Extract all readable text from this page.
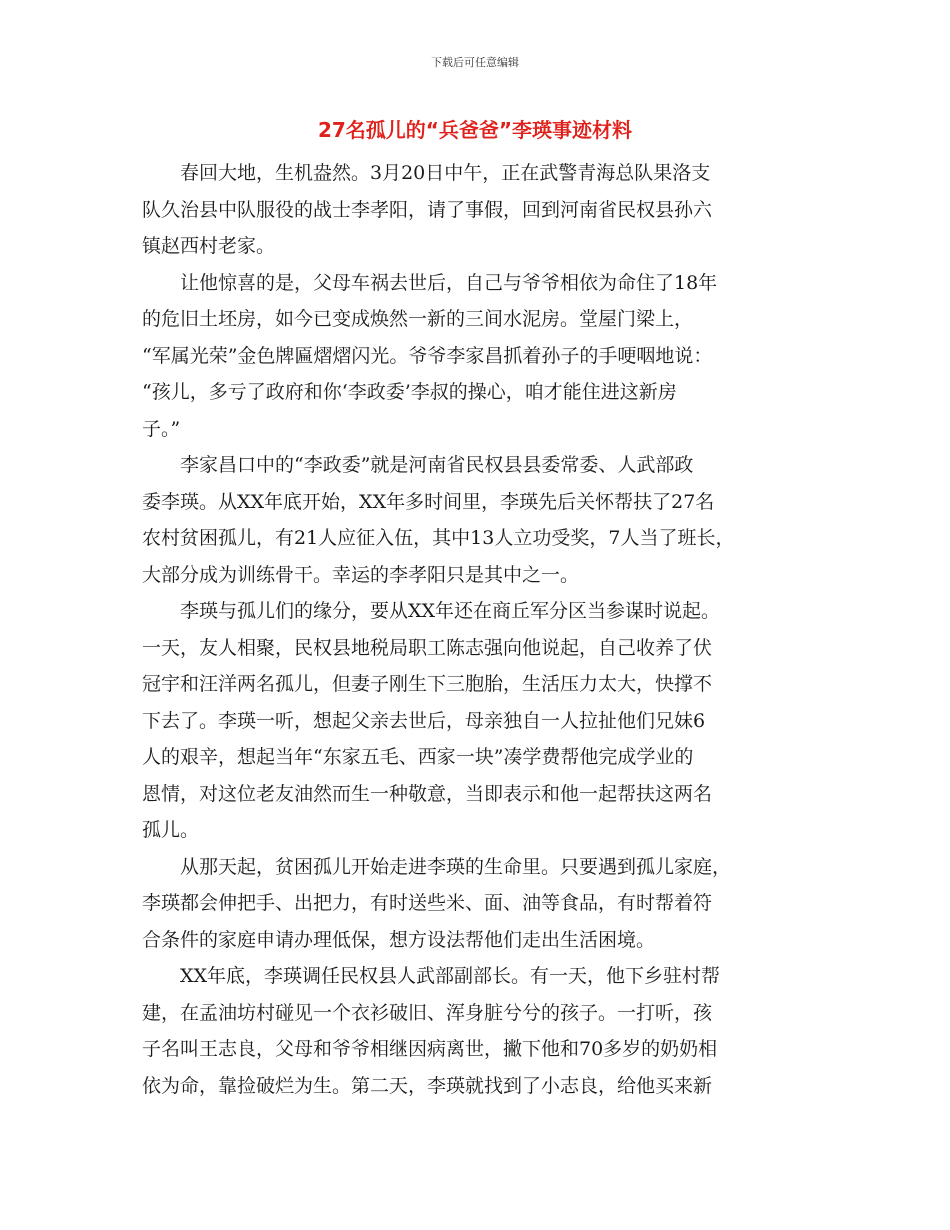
下载后可任意编辑
27名孤儿的“兵爸爸”李瑛事迹材料

　　春回大地，生机盎然。3月20日中午，正在武警青海总队果洛支
队久治县中队服役的战士李孝阳，请了事假，回到河南省民权县孙六
镇赵西村老家。

　　让他惊喜的是，父母车祸去世后，自己与爷爷相依为命住了18年
的危旧土坯房，如今已变成焕然一新的三间水泥房。堂屋门梁上，
“军属光荣”金色牌匾熠熠闪光。爷爷李家昌抓着孙子的手哽咽地说：
“孩儿，多亏了政府和你‘李政委’李叔的操心，咱才能住进这新房
子。”

　　李家昌口中的“李政委”就是河南省民权县县委常委、人武部政
委李瑛。从XX年底开始，XX年多时间里，李瑛先后关怀帮扶了27名
农村贫困孤儿，有21人应征入伍，其中13人立功受奖，7人当了班长，
大部分成为训练骨干。幸运的李孝阳只是其中之一。

　　李瑛与孤儿们的缘分，要从XX年还在商丘军分区当参谋时说起。
一天，友人相聚，民权县地税局职工陈志强向他说起，自己收养了伏
冠宇和汪洋两名孤儿，但妻子刚生下三胞胎，生活压力太大，快撑不
下去了。李瑛一听，想起父亲去世后，母亲独自一人拉扯他们兄妹6
人的艰辛，想起当年“东家五毛、西家一块”凑学费帮他完成学业的
恩情，对这位老友油然而生一种敬意，当即表示和他一起帮扶这两名
孤儿。

　　从那天起，贫困孤儿开始走进李瑛的生命里。只要遇到孤儿家庭，
李瑛都会伸把手、出把力，有时送些米、面、油等食品，有时帮着符
合条件的家庭申请办理低保，想方设法帮他们走出生活困境。

　　XX年底，李瑛调任民权县人武部副部长。有一天，他下乡驻村帮
建，在孟油坊村碰见一个衣衫破旧、浑身脏兮兮的孩子。一打听，孩
子名叫王志良，父母和爷爷相继因病离世，撇下他和70多岁的奶奶相
依为命，靠捡破烂为生。第二天，李瑛就找到了小志良，给他买来新
